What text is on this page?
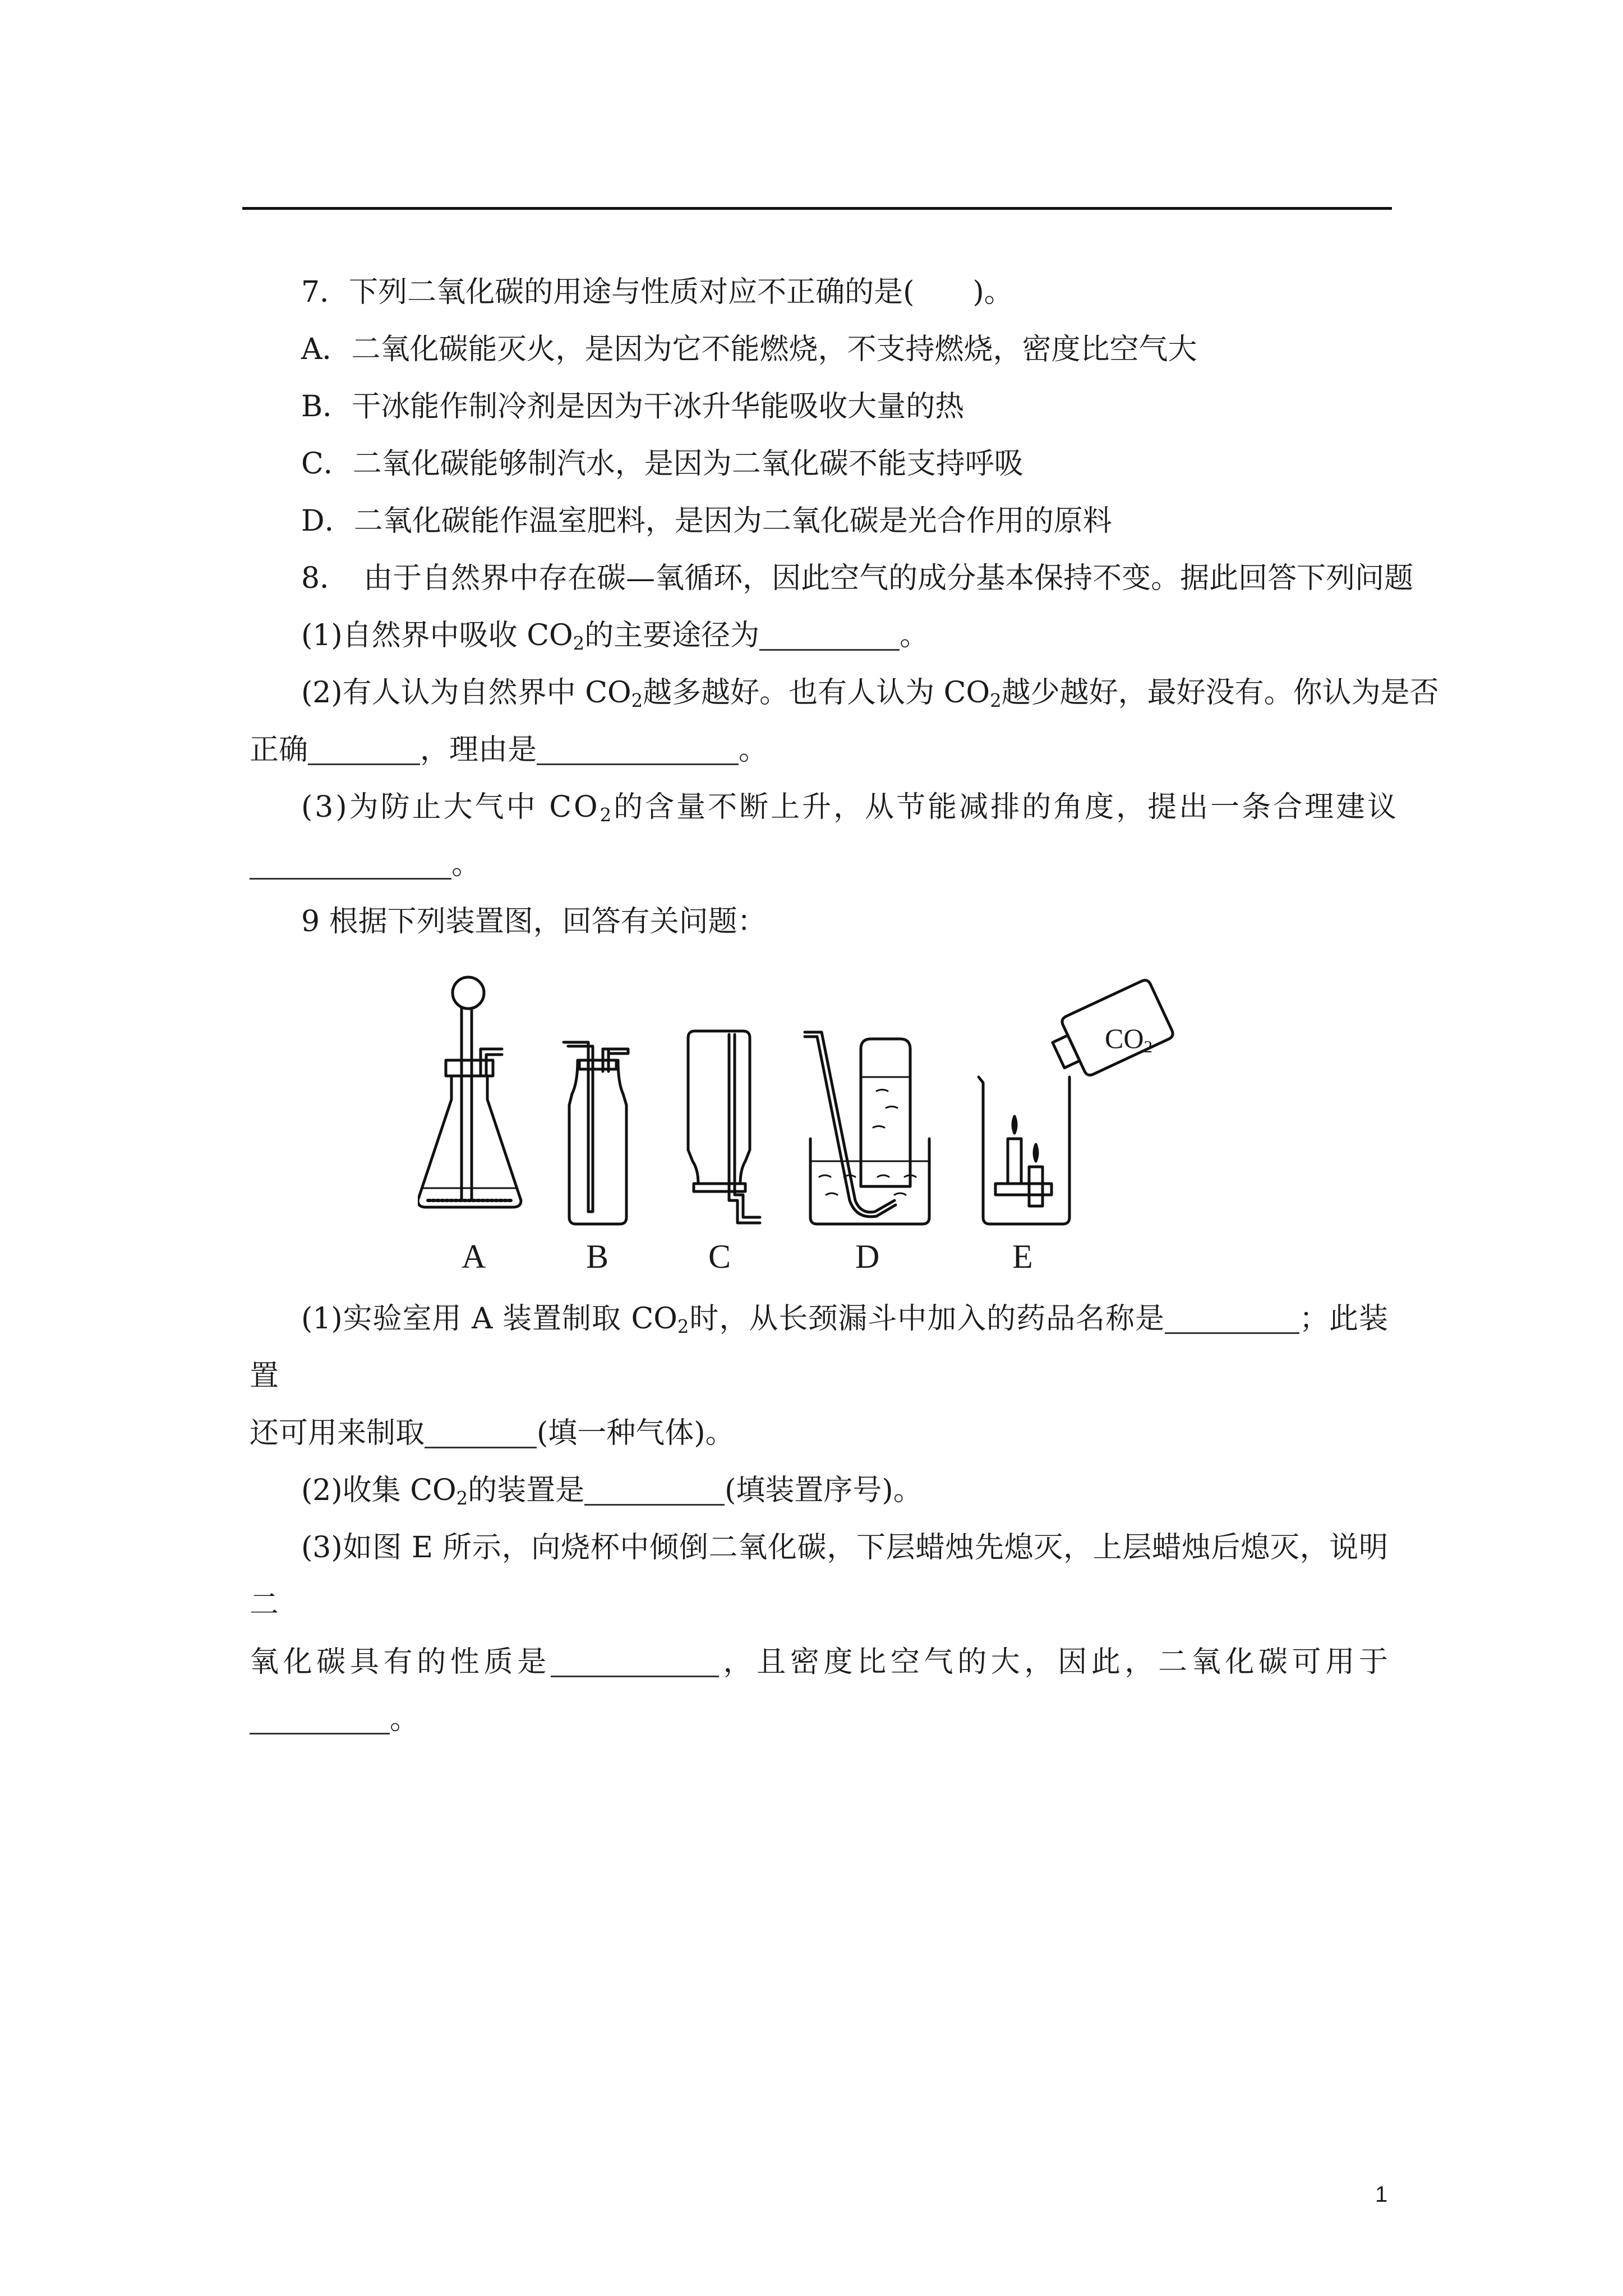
7．下列二氧化碳的用途与性质对应不正确的是(　　)。
A．二氧化碳能灭火，是因为它不能燃烧，不支持燃烧，密度比空气大
B．干冰能作制冷剂是因为干冰升华能吸收大量的热
C．二氧化碳能够制汽水，是因为二氧化碳不能支持呼吸
D．二氧化碳能作温室肥料，是因为二氧化碳是光合作用的原料
8．　由于自然界中存在碳—氧循环，因此空气的成分基本保持不变。据此回答下列问题
(1)自然界中吸收 $CO_2$的主要途径为	。
(2)有人认为自然界中 $CO_2$越多越好。也有人认为 $CO_2$越少越好，最好没有。你认为是否
正确	，理由是	。
(3)为防止大气中 $CO_2$的含量不断上升，从节能减排的角度，提出一条合理建议
。
9 根据下列装置图，回答有关问题：
A	B	C	D	E
$CO_2$
(1)实验室用 A 装置制取 $CO_2$时，从长颈漏斗中加入的药品名称是	；此装置
还可用来制取	(填一种气体)。
(2)收集 $CO_2$的装置是	(填装置序号)。
(3)如图 E 所示，向烧杯中倾倒二氧化碳，下层蜡烛先熄灭，上层蜡烛后熄灭，说明二
氧化碳具有的性质是	，且密度比空气的大，因此，二氧化碳可用于
。
1
